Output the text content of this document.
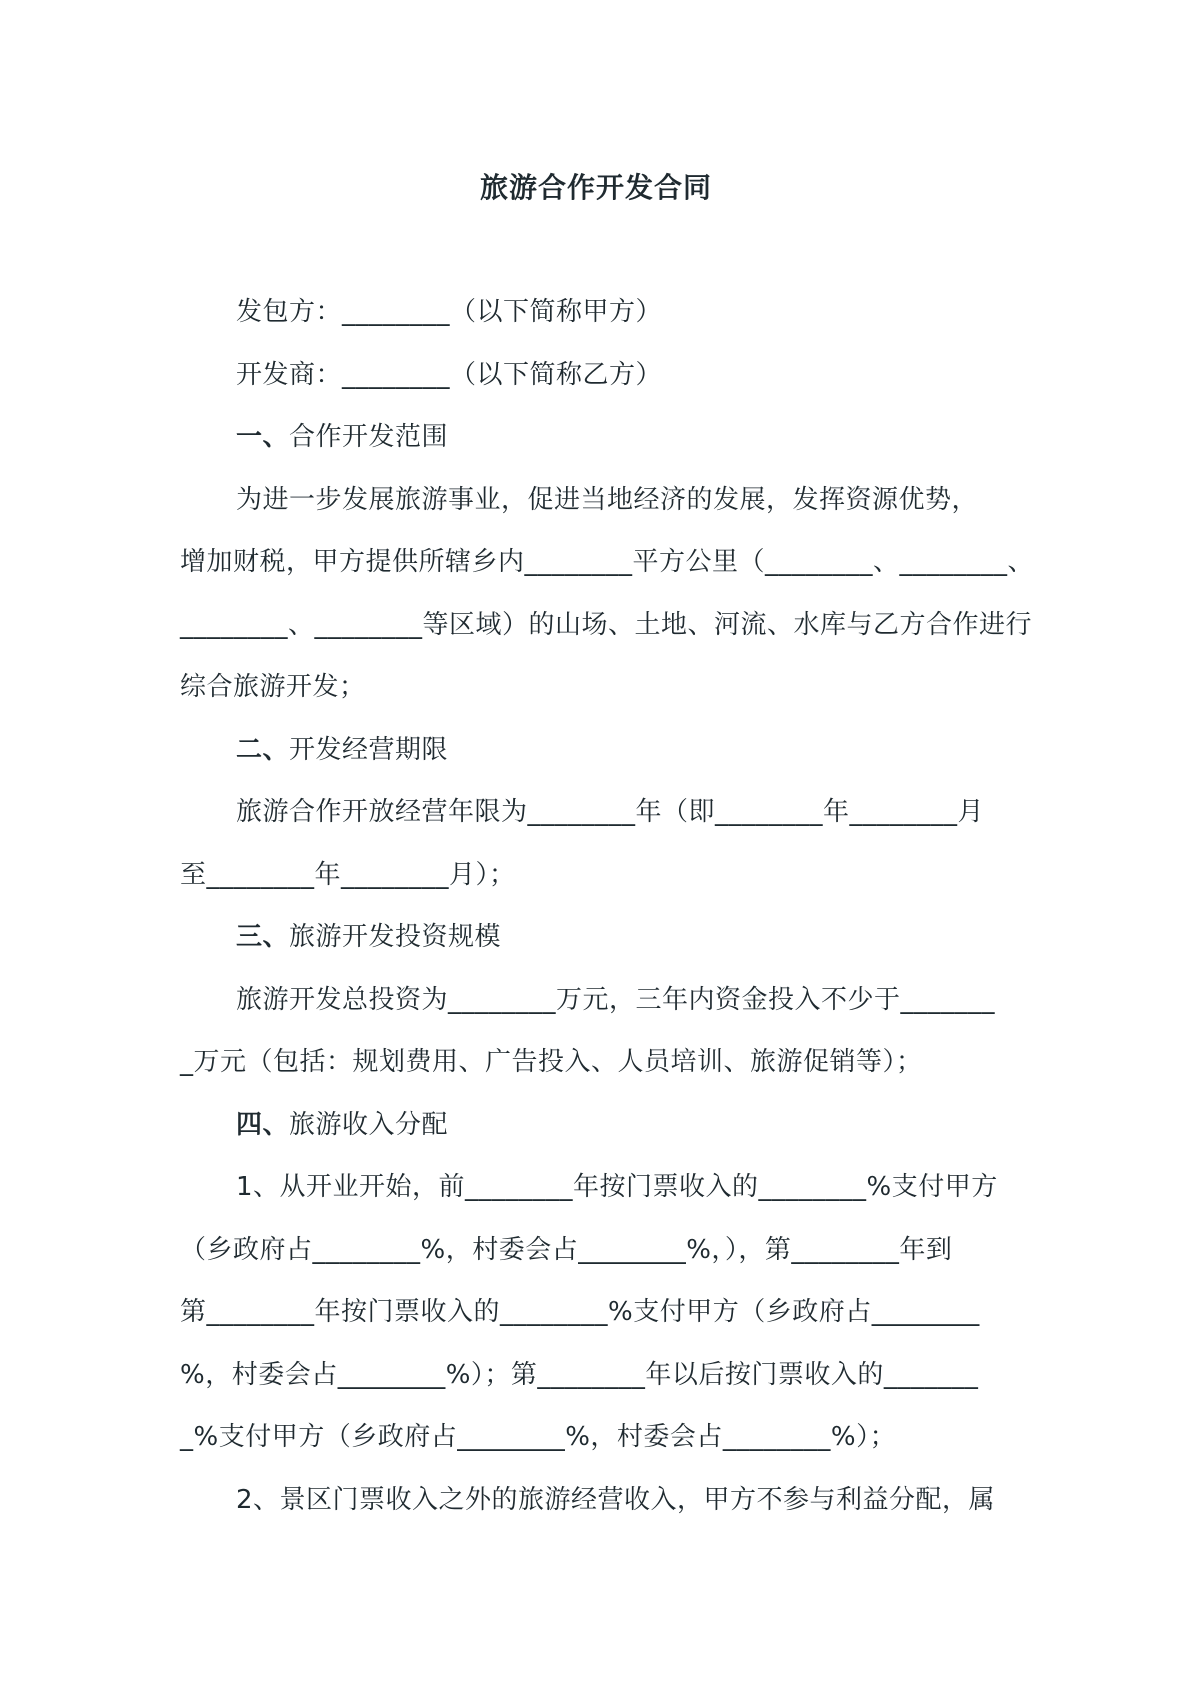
旅游合作开发合同
发包方：________（以下简称甲方）
开发商：________（以下简称乙方）
一、合作开发范围
为进一步发展旅游事业，促进当地经济的发展，发挥资源优势，
增加财税，甲方提供所辖乡内________平方公里（________、________、
________、________等区域）的山场、土地、河流、水库与乙方合作进行
综合旅游开发；
二、开发经营期限
旅游合作开放经营年限为________年（即________年________月
至________年________月）；
三、旅游开发投资规模
旅游开发总投资为________万元，三年内资金投入不少于_______
_万元（包括：规划费用、广告投入、人员培训、旅游促销等）；
四、旅游收入分配
1、从开业开始，前________年按门票收入的________%支付甲方
（乡政府占________%，村委会占________%，），第________年到
第________年按门票收入的________%支付甲方（乡政府占________
%，村委会占________%）；第________年以后按门票收入的_______
_%支付甲方（乡政府占________%，村委会占________%）；
2、景区门票收入之外的旅游经营收入，甲方不参与利益分配，属
